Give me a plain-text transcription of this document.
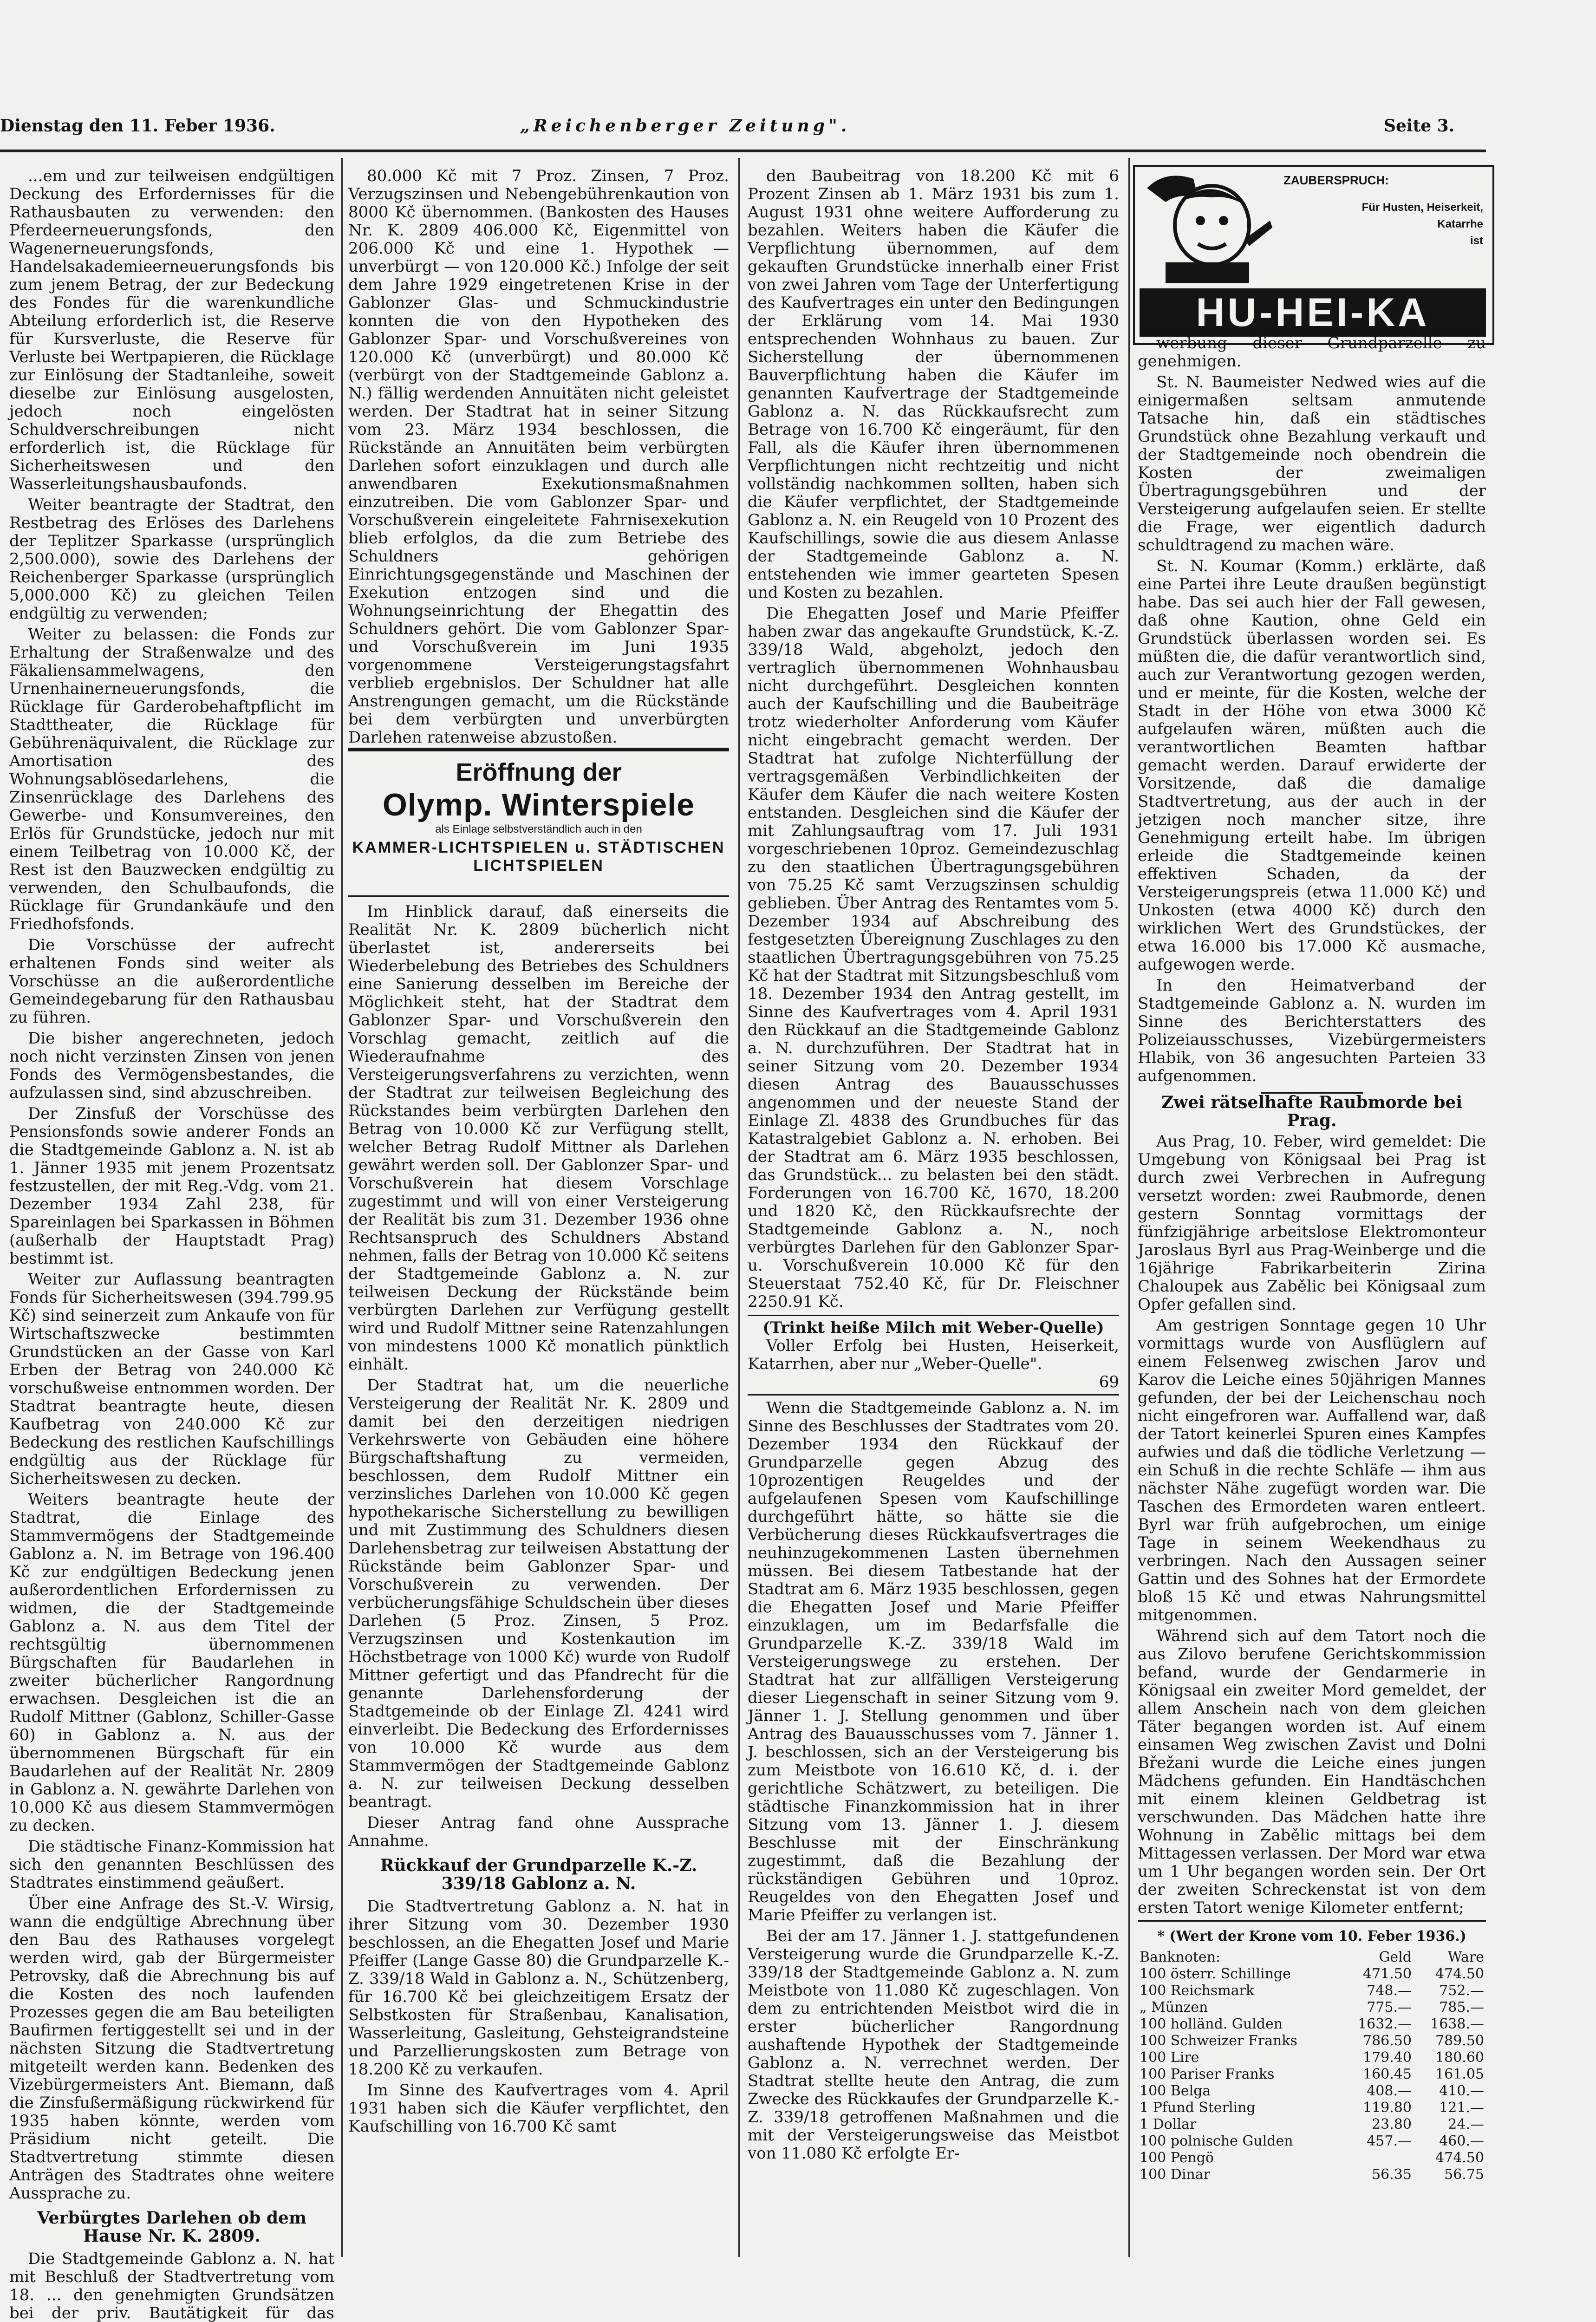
Dienstag den 11. Feber 1936.	„Reichenberger Zeitung".	Seite 3.

...em und zur teilweisen endgültigen Deckung des Erfordernisses für die Rathausbauten zu verwenden: den Pferdeerneuerungsfonds, den Wagenerneuerungsfonds, Handelsakademieerneuerungsfonds bis zum jenem Betrag, der zur Bedeckung des Fondes für die warenkundliche Abteilung erforderlich ist, die Reserve für Kursverluste, die Reserve für Verluste bei Wertpapieren, die Rücklage zur Einlösung der Stadtanleihe, soweit dieselbe zur Einlösung ausgelosten, jedoch noch eingelösten Schuldverschreibungen nicht erforderlich ist, die Rücklage für Sicherheitswesen und den Wasserleitungshausbaufonds.

Weiter beantragte der Stadtrat, den Restbetrag des Erlöses des Darlehens der Teplitzer Sparkasse (ursprünglich 2,500.000), sowie des Darlehens der Reichenberger Sparkasse (ursprünglich 5,000.000 Kč) zu gleichen Teilen endgültig zu verwenden;

Weiter zu belassen: die Fonds zur Erhaltung der Straßenwalze und des Fäkaliensammelwagens, den Urnenhainerneuerungsfonds, die Rücklage für Garderobehaftpflicht im Stadttheater, die Rücklage für Gebührenäquivalent, die Rücklage zur Amortisation des Wohnungsablösedarlehens, die Zinsenrücklage des Darlehens des Gewerbe- und Konsumvereines, den Erlös für Grundstücke, jedoch nur mit einem Teilbetrag von 10.000 Kč, der Rest ist den Bauzwecken endgültig zu verwenden, den Schulbaufonds, die Rücklage für Grundankäufe und den Friedhofsfonds.

Die Vorschüsse der aufrecht erhaltenen Fonds sind weiter als Vorschüsse an die außerordentliche Gemeindegebarung für den Rathausbau zu führen.

Die bisher angerechneten, jedoch noch nicht verzinsten Zinsen von jenen Fonds des Vermögensbestandes, die aufzulassen sind, sind abzuschreiben.

Der Zinsfuß der Vorschüsse des Pensionsfonds sowie anderer Fonds an die Stadtgemeinde Gablonz a. N. ist ab 1. Jänner 1935 mit jenem Prozentsatz festzustellen, der mit Reg.-Vdg. vom 21. Dezember 1934 Zahl 238, für Spareinlagen bei Sparkassen in Böhmen (außerhalb der Hauptstadt Prag) bestimmt ist.

Weiter zur Auflassung beantragten Fonds für Sicherheitswesen (394.799.95 Kč) sind seinerzeit zum Ankaufe von für Wirtschaftszwecke bestimmten Grundstücken an der Gasse von Karl Erben der Betrag von 240.000 Kč vorschußweise entnommen worden. Der Stadtrat beantragte heute, diesen Kaufbetrag von 240.000 Kč zur Bedeckung des restlichen Kaufschillings endgültig aus der Rücklage für Sicherheitswesen zu decken.

Weiters beantragte heute der Stadtrat, die Einlage des Stammvermögens der Stadtgemeinde Gablonz a. N. im Betrage von 196.400 Kč zur endgültigen Bedeckung jenen außerordentlichen Erfordernissen zu widmen, die der Stadtgemeinde Gablonz a. N. aus dem Titel der rechtsgültig übernommenen Bürgschaften für Baudarlehen in zweiter bücherlicher Rangordnung erwachsen. Desgleichen ist die an Rudolf Mittner (Gablonz, Schiller-Gasse 60) in Gablonz a. N. aus der übernommenen Bürgschaft für ein Baudarlehen auf der Realität Nr. 2809 in Gablonz a. N. gewährte Darlehen von 10.000 Kč aus diesem Stammvermögen zu decken.

Die städtische Finanz-Kommission hat sich den genannten Beschlüssen des Stadtrates einstimmend geäußert.

Über eine Anfrage des St.-V. Wirsig, wann die endgültige Abrechnung über den Bau des Rathauses vorgelegt werden wird, gab der Bürgermeister Petrovsky, daß die Abrechnung bis auf die Kosten des noch laufenden Prozesses gegen die am Bau beteiligten Baufirmen fertiggestellt sei und in der nächsten Sitzung die Stadtvertretung mitgeteilt werden kann. Bedenken des Vizebürgermeisters Ant. Biemann, daß die Zinsfußermäßigung rückwirkend für 1935 haben könnte, werden vom Präsidium nicht geteilt. Die Stadtvertretung stimmte diesen Anträgen des Stadtrates ohne weitere Aussprache zu.

Verbürgtes Darlehen ob dem Hause Nr. K. 2809.

Die Stadtgemeinde Gablonz a. N. hat mit Beschluß der Stadtvertretung vom 18. ... den genehmigten Grundsätzen bei der priv. Bautätigkeit für das

80.000 Kč mit 7 Proz. Zinsen, 7 Proz. Verzugszinsen und Nebengebührenkaution von 8000 Kč übernommen. (Bankosten des Hauses Nr. K. 2809 406.000 Kč, Eigenmittel von 206.000 Kč und eine 1. Hypothek — unverbürgt — von 120.000 Kč.) Infolge der seit dem Jahre 1929 eingetretenen Krise in der Gablonzer Glas- und Schmuckindustrie konnten die von den Hypotheken des Gablonzer Spar- und Vorschußvereines von 120.000 Kč (unverbürgt) und 80.000 Kč (verbürgt von der Stadtgemeinde Gablonz a. N.) fällig werdenden Annuitäten nicht geleistet werden. Der Stadtrat hat in seiner Sitzung vom 23. März 1934 beschlossen, die Rückstände an Annuitäten beim verbürgten Darlehen sofort einzuklagen und durch alle anwendbaren Exekutionsmaßnahmen einzutreiben. Die vom Gablonzer Spar- und Vorschußverein eingeleitete Fahrnisexekution blieb erfolglos, da die zum Betriebe des Schuldners gehörigen Einrichtungsgegenstände und Maschinen der Exekution entzogen sind und die Wohnungseinrichtung der Ehegattin des Schuldners gehört. Die vom Gablonzer Spar- und Vorschußverein im Juni 1935 vorgenommene Versteigerungstagsfahrt verblieb ergebnislos. Der Schuldner hat alle Anstrengungen gemacht, um die Rückstände bei dem verbürgten und unverbürgten Darlehen ratenweise abzustoßen.

Im Hinblick darauf, daß einerseits die Realität Nr. K. 2809 bücherlich nicht überlastet ist, andererseits bei Wiederbelebung des Betriebes des Schuldners eine Sanierung desselben im Bereiche der Möglichkeit steht, hat der Stadtrat dem Gablonzer Spar- und Vorschußverein den Vorschlag gemacht, zeitlich auf die Wiederaufnahme des Versteigerungsverfahrens zu verzichten, wenn der Stadtrat zur teilweisen Begleichung des Rückstandes beim verbürgten Darlehen den Betrag von 10.000 Kč zur Verfügung stellt, welcher Betrag Rudolf Mittner als Darlehen gewährt werden soll. Der Gablonzer Spar- und Vorschußverein hat diesem Vorschlage zugestimmt und will von einer Versteigerung der Realität bis zum 31. Dezember 1936 ohne Rechtsanspruch des Schuldners Abstand nehmen, falls der Betrag von 10.000 Kč seitens der Stadtgemeinde Gablonz a. N. zur teilweisen Deckung der Rückstände beim verbürgten Darlehen zur Verfügung gestellt wird und Rudolf Mittner seine Ratenzahlungen von mindestens 1000 Kč monatlich pünktlich einhält.

Der Stadtrat hat, um die neuerliche Versteigerung der Realität Nr. K. 2809 und damit bei den derzeitigen niedrigen Verkehrswerte von Gebäuden eine höhere Bürgschaftshaftung zu vermeiden, beschlossen, dem Rudolf Mittner ein verzinsliches Darlehen von 10.000 Kč gegen hypothekarische Sicherstellung zu bewilligen und mit Zustimmung des Schuldners diesen Darlehensbetrag zur teilweisen Abstattung der Rückstände beim Gablonzer Spar- und Vorschußverein zu verwenden. Der verbücherungsfähige Schuldschein über dieses Darlehen (5 Proz. Zinsen, 5 Proz. Verzugszinsen und Kostenkaution im Höchstbetrage von 1000 Kč) wurde von Rudolf Mittner gefertigt und das Pfandrecht für die genannte Darlehensforderung der Stadtgemeinde ob der Einlage Zl. 4241 wird einverleibt. Die Bedeckung des Erfordernisses von 10.000 Kč wurde aus dem Stammvermögen der Stadtgemeinde Gablonz a. N. zur teilweisen Deckung desselben beantragt.

Dieser Antrag fand ohne Aussprache Annahme.

Rückkauf der Grundparzelle K.-Z. 339/18 Gablonz a. N.

Die Stadtvertretung Gablonz a. N. hat in ihrer Sitzung vom 30. Dezember 1930 beschlossen, an die Ehegatten Josef und Marie Pfeiffer (Lange Gasse 80) die Grundparzelle K.-Z. 339/18 Wald in Gablonz a. N., Schützenberg, für 16.700 Kč bei gleichzeitigem Ersatz der Selbstkosten für Straßenbau, Kanalisation, Wasserleitung, Gasleitung, Gehsteigrandsteine und Parzellierungskosten zum Betrage von 18.200 Kč zu verkaufen.

Im Sinne des Kaufvertrages vom 4. April 1931 haben sich die Käufer verpflichtet, den Kaufschilling von 16.700 Kč samt

Eröffnung der
Olymp. Winterspiele
als Einlage selbstverständlich auch in den
KAMMER-LICHTSPIELEN u. STÄDTISCHEN LICHTSPIELEN

den Baubeitrag von 18.200 Kč mit 6 Prozent Zinsen ab 1. März 1931 bis zum 1. August 1931 ohne weitere Aufforderung zu bezahlen. Weiters haben die Käufer die Verpflichtung übernommen, auf dem gekauften Grundstücke innerhalb einer Frist von zwei Jahren vom Tage der Unterfertigung des Kaufvertrages ein unter den Bedingungen der Erklärung vom 14. Mai 1930 entsprechenden Wohnhaus zu bauen. Zur Sicherstellung der übernommenen Bauverpflichtung haben die Käufer im genannten Kaufvertrage der Stadtgemeinde Gablonz a. N. das Rückkaufsrecht zum Betrage von 16.700 Kč eingeräumt, für den Fall, als die Käufer ihren übernommenen Verpflichtungen nicht rechtzeitig und nicht vollständig nachkommen sollten, haben sich die Käufer verpflichtet, der Stadtgemeinde Gablonz a. N. ein Reugeld von 10 Prozent des Kaufschillings, sowie die aus diesem Anlasse der Stadtgemeinde Gablonz a. N. entstehenden wie immer gearteten Spesen und Kosten zu bezahlen.

Die Ehegatten Josef und Marie Pfeiffer haben zwar das angekaufte Grundstück, K.-Z. 339/18 Wald, abgeholzt, jedoch den vertraglich übernommenen Wohnhausbau nicht durchgeführt. Desgleichen konnten auch der Kaufschilling und die Baubeiträge trotz wiederholter Anforderung vom Käufer nicht eingebracht gemacht werden. Der Stadtrat hat zufolge Nichterfüllung der vertragsgemäßen Verbindlichkeiten der Käufer dem Käufer die nach weitere Kosten entstanden. Desgleichen sind die Käufer der mit Zahlungsauftrag vom 17. Juli 1931 vorgeschriebenen 10proz. Gemeindezuschlag zu den staatlichen Übertragungsgebühren von 75.25 Kč samt Verzugszinsen schuldig geblieben. Über Antrag des Rentamtes vom 5. Dezember 1934 auf Abschreibung des festgesetzten Übereignung Zuschlages zu den staatlichen Übertragungsgebühren von 75.25 Kč hat der Stadtrat mit Sitzungsbeschluß vom 18. Dezember 1934 den Antrag gestellt, im Sinne des Kaufvertrages vom 4. April 1931 den Rückkauf an die Stadtgemeinde Gablonz a. N. durchzuführen. Der Stadtrat hat in seiner Sitzung vom 20. Dezember 1934 diesen Antrag des Bauausschusses angenommen und der neueste Stand der Einlage Zl. 4838 des Grundbuches für das Katastralgebiet Gablonz a. N. erhoben. Bei der Stadtrat am 6. März 1935 beschlossen, das Grundstück... zu belasten bei den städt. Forderungen von 16.700 Kč, 1670, 18.200 und 1820 Kč, den Rückkaufsrechte der Stadtgemeinde Gablonz a. N., noch verbürgtes Darlehen für den Gablonzer Spar- u. Vorschußverein 10.000 Kč für den Steuerstaat 752.40 Kč, für Dr. Fleischner 2250.91 Kč.

(Trinkt heiße Milch mit Weber-Quelle)
Voller Erfolg bei Husten, Heiserkeit, Katarrhen, aber nur „Weber-Quelle".
69

Wenn die Stadtgemeinde Gablonz a. N. im Sinne des Beschlusses der Stadtrates vom 20. Dezember 1934 den Rückkauf der Grundparzelle gegen Abzug des 10prozentigen Reugeldes und der aufgelaufenen Spesen vom Kaufschillinge durchgeführt hätte, so hätte sie die Verbücherung dieses Rückkaufsvertrages die neuhinzugekommenen Lasten übernehmen müssen. Bei diesem Tatbestande hat der Stadtrat am 6. März 1935 beschlossen, gegen die Ehegatten Josef und Marie Pfeiffer einzuklagen, um im Bedarfsfalle die Grundparzelle K.-Z. 339/18 Wald im Versteigerungswege zu erstehen. Der Stadtrat hat zur allfälligen Versteigerung dieser Liegenschaft in seiner Sitzung vom 9. Jänner 1. J. Stellung genommen und über Antrag des Bauausschusses vom 7. Jänner 1. J. beschlossen, sich an der Versteigerung bis zum Meistbote von 16.610 Kč, d. i. der gerichtliche Schätzwert, zu beteiligen. Die städtische Finanzkommission hat in ihrer Sitzung vom 13. Jänner 1. J. diesem Beschlusse mit der Einschränkung zugestimmt, daß die Bezahlung der rückständigen Gebühren und 10proz. Reugeldes von den Ehegatten Josef und Marie Pfeiffer zu verlangen ist.

Bei der am 17. Jänner 1. J. stattgefundenen Versteigerung wurde die Grundparzelle K.-Z. 339/18 der Stadtgemeinde Gablonz a. N. zum Meistbote von 11.080 Kč zugeschlagen. Von dem zu entrichtenden Meistbot wird die in erster bücherlicher Rangordnung aushaftende Hypothek der Stadtgemeinde Gablonz a. N. verrechnet werden. Der Stadtrat stellte heute den Antrag, die zum Zwecke des Rückkaufes der Grundparzelle K.-Z. 339/18 getroffenen Maßnahmen und die mit der Versteigerungsweise das Meistbot von 11.080 Kč erfolgte Er-

ZAUBERSPRUCH:
Für Husten, Heiserkeit,
Katarrhe
ist
HU-HEI-KA

werbung dieser Grundparzelle zu genehmigen.

St. N. Baumeister Nedwed wies auf die einigermaßen seltsam anmutende Tatsache hin, daß ein städtisches Grundstück ohne Bezahlung verkauft und der Stadtgemeinde noch obendrein die Kosten der zweimaligen Übertragungsgebühren und der Versteigerung aufgelaufen seien. Er stellte die Frage, wer eigentlich dadurch schuldtragend zu machen wäre.

St. N. Koumar (Komm.) erklärte, daß eine Partei ihre Leute draußen begünstigt habe. Das sei auch hier der Fall gewesen, daß ohne Kaution, ohne Geld ein Grundstück überlassen worden sei. Es müßten die, die dafür verantwortlich sind, auch zur Verantwortung gezogen werden, und er meinte, für die Kosten, welche der Stadt in der Höhe von etwa 3000 Kč aufgelaufen wären, müßten auch die verantwortlichen Beamten haftbar gemacht werden. Darauf erwiderte der Vorsitzende, daß die damalige Stadtvertretung, aus der auch in der jetzigen noch mancher sitze, ihre Genehmigung erteilt habe. Im übrigen erleide die Stadtgemeinde keinen effektiven Schaden, da der Versteigerungspreis (etwa 11.000 Kč) und Unkosten (etwa 4000 Kč) durch den wirklichen Wert des Grundstückes, der etwa 16.000 bis 17.000 Kč ausmache, aufgewogen werde.

In den Heimatverband der Stadtgemeinde Gablonz a. N. wurden im Sinne des Berichterstatters des Polizeiausschusses, Vizebürgermeisters Hlabik, von 36 angesuchten Parteien 33 aufgenommen.

Zwei rätselhafte Raubmorde bei Prag.

Aus Prag, 10. Feber, wird gemeldet: Die Umgebung von Königsaal bei Prag ist durch zwei Verbrechen in Aufregung versetzt worden: zwei Raubmorde, denen gestern Sonntag vormittags der fünfzigjährige arbeitslose Elektromonteur Jaroslaus Byrl aus Prag-Weinberge und die 16jährige Fabrikarbeiterin Zirina Chaloupek aus Zabělic bei Königsaal zum Opfer gefallen sind.

Am gestrigen Sonntage gegen 10 Uhr vormittags wurde von Ausflüglern auf einem Felsenweg zwischen Jarov und Karov die Leiche eines 50jährigen Mannes gefunden, der bei der Leichenschau noch nicht eingefroren war. Auffallend war, daß der Tatort keinerlei Spuren eines Kampfes aufwies und daß die tödliche Verletzung — ein Schuß in die rechte Schläfe — ihm aus nächster Nähe zugefügt worden war. Die Taschen des Ermordeten waren entleert. Byrl war früh aufgebrochen, um einige Tage in seinem Weekendhaus zu verbringen. Nach den Aussagen seiner Gattin und des Sohnes hat der Ermordete bloß 15 Kč und etwas Nahrungsmittel mitgenommen.

Während sich auf dem Tatort noch die aus Zilovo berufene Gerichtskommission befand, wurde der Gendarmerie in Königsaal ein zweiter Mord gemeldet, der allem Anschein nach von dem gleichen Täter begangen worden ist. Auf einem einsamen Weg zwischen Zavist und Dolni Břežani wurde die Leiche eines jungen Mädchens gefunden. Ein Handtäschchen mit einem kleinen Geldbetrag ist verschwunden. Das Mädchen hatte ihre Wohnung in Zabělic mittags bei dem Mittagessen verlassen. Der Mord war etwa um 1 Uhr begangen worden sein. Der Ort der zweiten Schreckenstat ist von dem ersten Tatort wenige Kilometer entfernt;

* (Wert der Krone vom 10. Feber 1936.)

Banknoten:	Geld	Ware
100 österr. Schillinge	471.50	474.50
100 Reichsmark	748.—	752.—
„ Münzen	775.—	785.—
100 holländ. Gulden	1632.—	1638.—
100 Schweizer Franks	786.50	789.50
100 Lire	179.40	180.60
100 Pariser Franks	160.45	161.05
100 Belga	408.—	410.—
1 Pfund Sterling	119.80	121.—
1 Dollar	23.80	24.—
100 polnische Gulden	457.—	460.—
100 Pengö		474.50
100 Dinar	56.35	56.75
